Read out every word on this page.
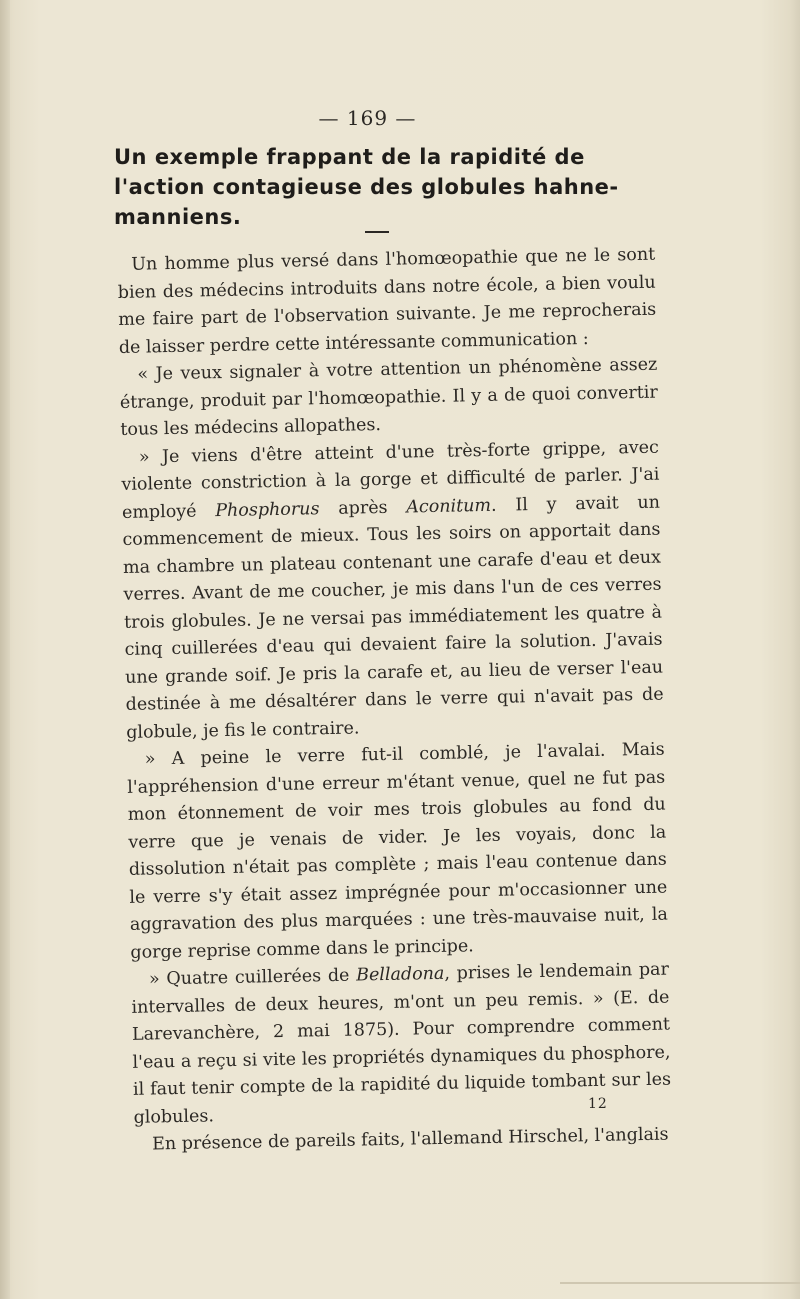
— 169 —
Un exemple frappant de la rapidité de
l'action contagieuse des globules hahne-
manniens.

Un homme plus versé dans l'homœopathie que ne le sont bien des médecins introduits dans notre école, a bien voulu me faire part de l'observation suivante. Je me reprocherais de laisser perdre cette intéressante communication :

« Je veux signaler à votre attention un phénomène assez étrange, produit par l'homœopathie. Il y a de quoi convertir tous les médecins allopathes.

» Je viens d'être atteint d'une très-forte grippe, avec violente constriction à la gorge et difficulté de parler. J'ai employé Phosphorus après Aconitum. Il y avait un commencement de mieux. Tous les soirs on apportait dans ma chambre un plateau contenant une carafe d'eau et deux verres. Avant de me coucher, je mis dans l'un de ces verres trois globules. Je ne versai pas immédiatement les quatre à cinq cuillerées d'eau qui devaient faire la solution. J'avais une grande soif. Je pris la carafe et, au lieu de verser l'eau destinée à me désaltérer dans le verre qui n'avait pas de globule, je fis le contraire.

» A peine le verre fut-il comblé, je l'avalai. Mais l'appréhension d'une erreur m'étant venue, quel ne fut pas mon étonnement de voir mes trois globules au fond du verre que je venais de vider. Je les voyais, donc la dissolution n'était pas complète ; mais l'eau contenue dans le verre s'y était assez imprégnée pour m'occasionner une aggravation des plus marquées : une très-mauvaise nuit, la gorge reprise comme dans le principe.

» Quatre cuillerées de Belladona, prises le lendemain par intervalles de deux heures, m'ont un peu remis. » (E. de Larevanchère, 2 mai 1875). Pour comprendre comment l'eau a reçu si vite les propriétés dynamiques du phosphore, il faut tenir compte de la rapidité du liquide tombant sur les globules.

En présence de pareils faits, l'allemand Hirschel, l'anglais

12
